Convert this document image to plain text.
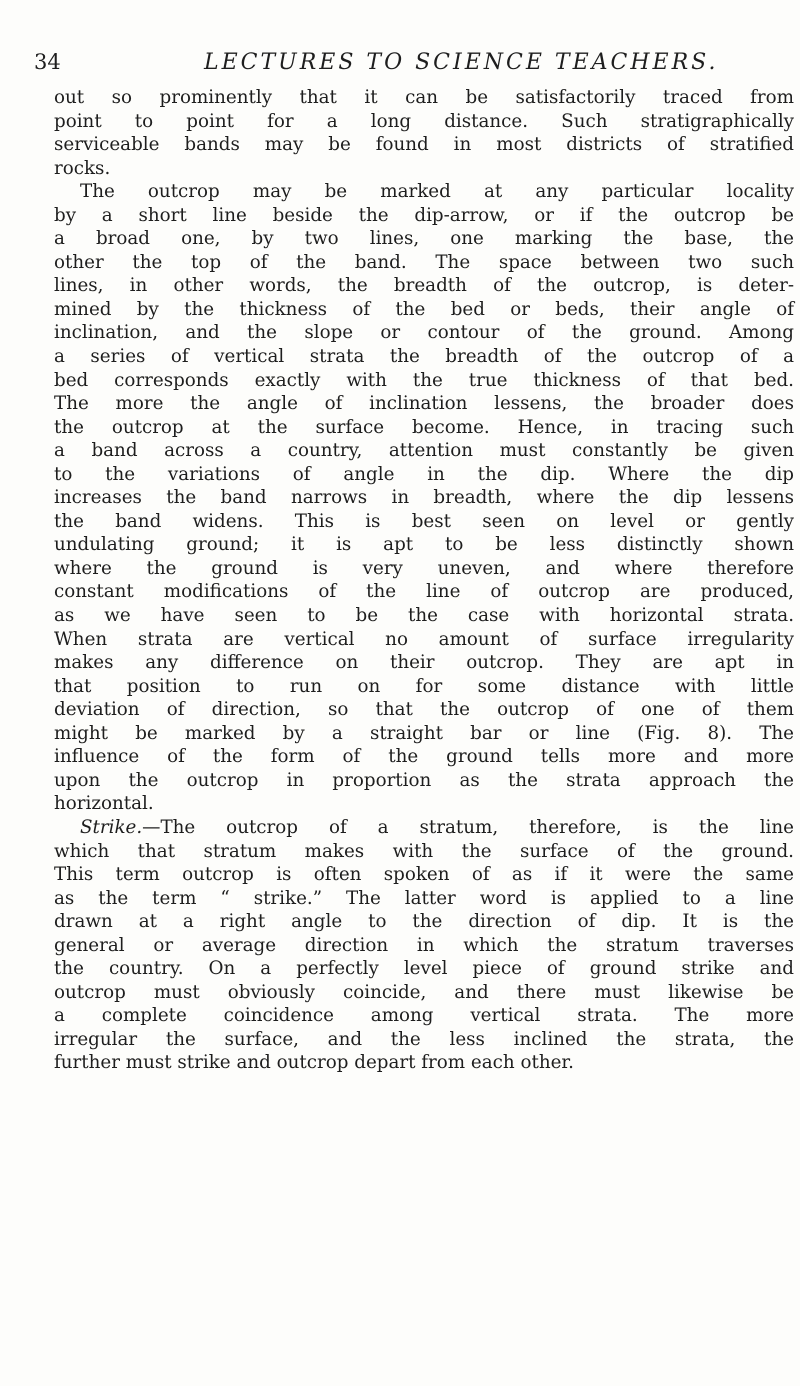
34	LECTURES TO SCIENCE TEACHERS.
out so prominently that it can be satisfactorily traced from
point to point for a long distance. Such stratigraphically
serviceable bands may be found in most districts of stratified
rocks.
The outcrop may be marked at any particular locality
by a short line beside the dip-arrow, or if the outcrop be
a broad one, by two lines, one marking the base, the
other the top of the band. The space between two such
lines, in other words, the breadth of the outcrop, is deter-
mined by the thickness of the bed or beds, their angle of
inclination, and the slope or contour of the ground. Among
a series of vertical strata the breadth of the outcrop of a
bed corresponds exactly with the true thickness of that bed.
The more the angle of inclination lessens, the broader does
the outcrop at the surface become. Hence, in tracing such
a band across a country, attention must constantly be given
to the variations of angle in the dip. Where the dip
increases the band narrows in breadth, where the dip lessens
the band widens. This is best seen on level or gently
undulating ground; it is apt to be less distinctly shown
where the ground is very uneven, and where therefore
constant modifications of the line of outcrop are produced,
as we have seen to be the case with horizontal strata.
When strata are vertical no amount of surface irregularity
makes any difference on their outcrop. They are apt in
that position to run on for some distance with little
deviation of direction, so that the outcrop of one of them
might be marked by a straight bar or line (Fig. 8). The
influence of the form of the ground tells more and more
upon the outcrop in proportion as the strata approach the
horizontal.
Strike.—The outcrop of a stratum, therefore, is the line
which that stratum makes with the surface of the ground.
This term outcrop is often spoken of as if it were the same
as the term “ strike.” The latter word is applied to a line
drawn at a right angle to the direction of dip. It is the
general or average direction in which the stratum traverses
the country. On a perfectly level piece of ground strike and
outcrop must obviously coincide, and there must likewise be
a complete coincidence among vertical strata. The more
irregular the surface, and the less inclined the strata, the
further must strike and outcrop depart from each other.
